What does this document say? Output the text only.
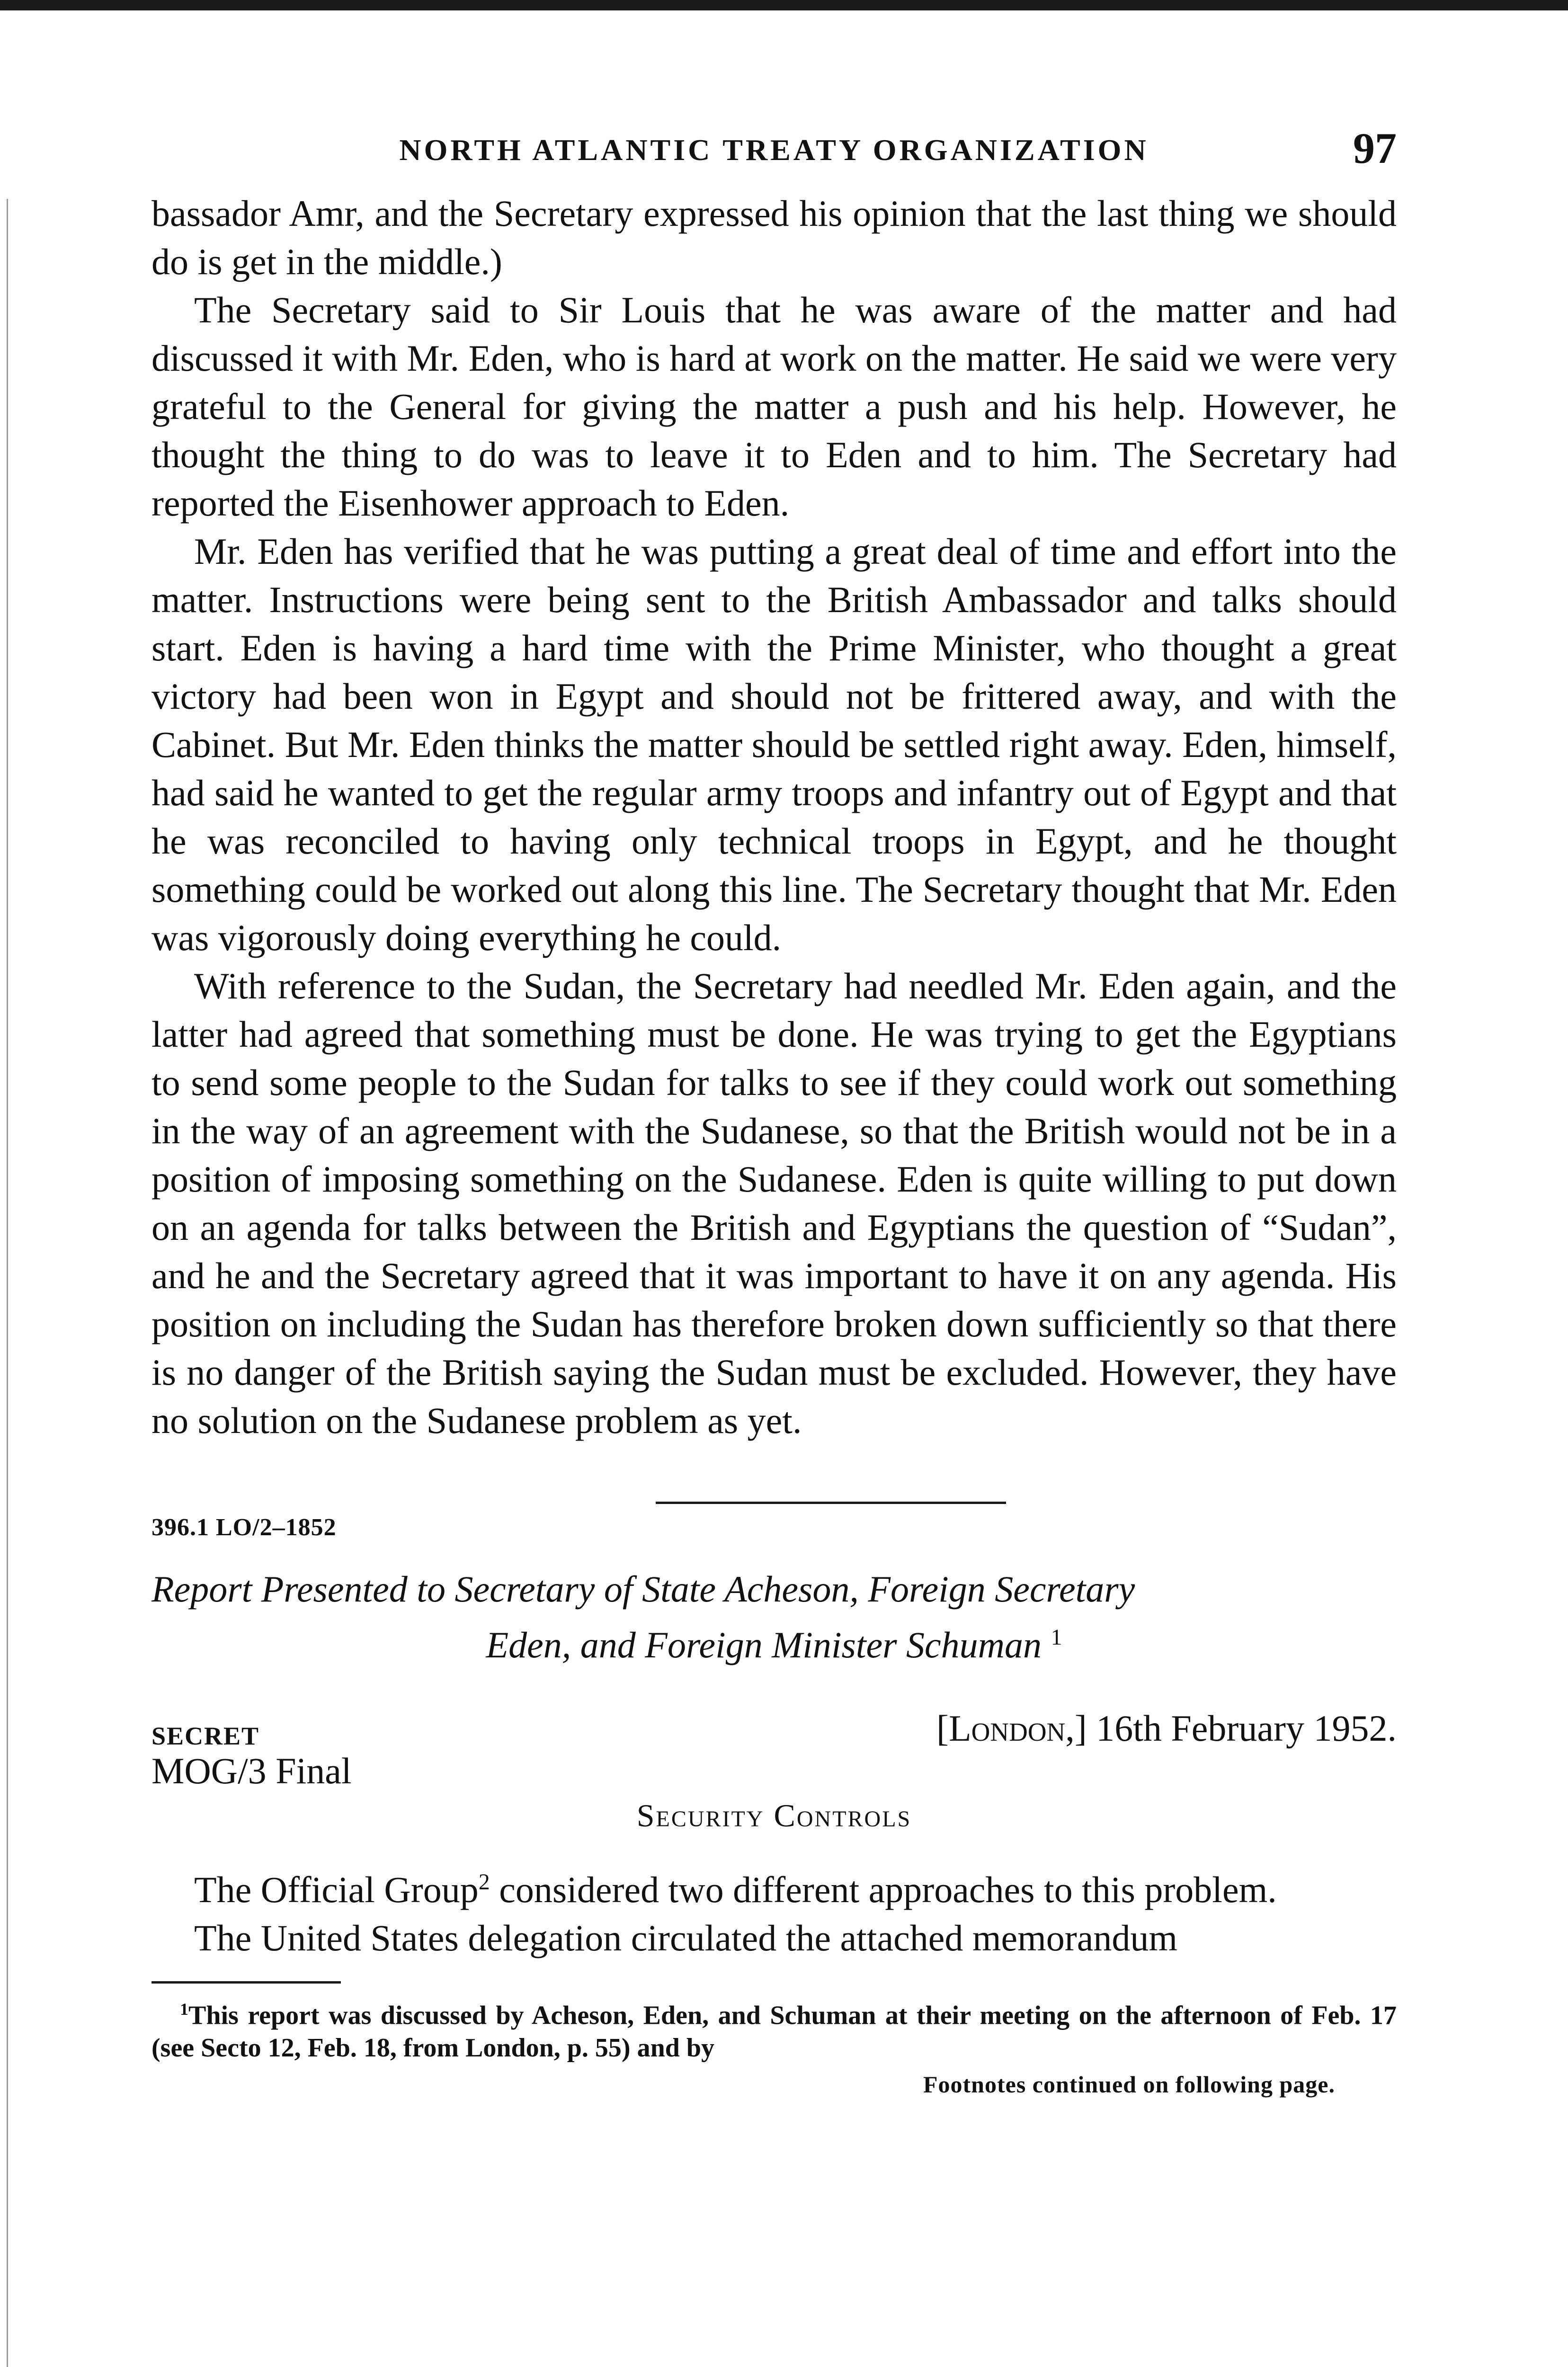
NORTH ATLANTIC TREATY ORGANIZATION	97

bassador Amr, and the Secretary expressed his opinion that the last thing we should do is get in the middle.)

The Secretary said to Sir Louis that he was aware of the matter and had discussed it with Mr. Eden, who is hard at work on the matter. He said we were very grateful to the General for giving the matter a push and his help. However, he thought the thing to do was to leave it to Eden and to him. The Secretary had reported the Eisenhower approach to Eden.

Mr. Eden has verified that he was putting a great deal of time and effort into the matter. Instructions were being sent to the British Ambassador and talks should start. Eden is having a hard time with the Prime Minister, who thought a great victory had been won in Egypt and should not be frittered away, and with the Cabinet. But Mr. Eden thinks the matter should be settled right away. Eden, himself, had said he wanted to get the regular army troops and infantry out of Egypt and that he was reconciled to having only technical troops in Egypt, and he thought something could be worked out along this line. The Secretary thought that Mr. Eden was vigorously doing everything he could.

With reference to the Sudan, the Secretary had needled Mr. Eden again, and the latter had agreed that something must be done. He was trying to get the Egyptians to send some people to the Sudan for talks to see if they could work out something in the way of an agreement with the Sudanese, so that the British would not be in a position of imposing something on the Sudanese. Eden is quite willing to put down on an agenda for talks between the British and Egyptians the question of “Sudan”, and he and the Secretary agreed that it was important to have it on any agenda. His position on including the Sudan has therefore broken down sufficiently so that there is no danger of the British saying the Sudan must be excluded. However, they have no solution on the Sudanese problem as yet.

396.1 LO/2–1852
Report Presented to Secretary of State Acheson, Foreign Secretary
Eden, and Foreign Minister Schuman $^1$
SECRET	[London,] 16th February 1952.
MOG/3 Final
Security Controls

The Official Group$^2$ considered two different approaches to this problem.

The United States delegation circulated the attached memorandum

$^1$This report was discussed by Acheson, Eden, and Schuman at their meeting on the afternoon of Feb. 17 (see Secto 12, Feb. 18, from London, p. 55) and by
Footnotes continued on following page.
